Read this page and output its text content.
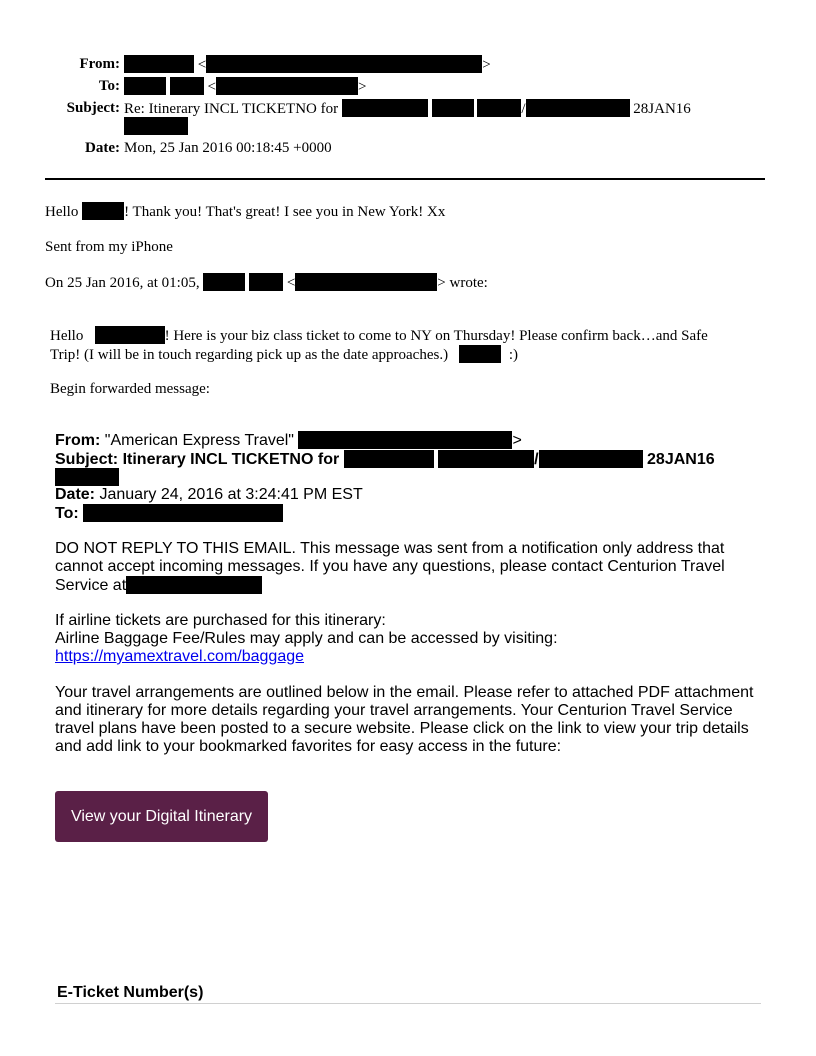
From:	<	>
To:	<	>
Subject: Re: Itinerary INCL TICKETNO for	/	28JAN16
Date: Mon, 25 Jan 2016 00:18:45 +0000
Hello	! Thank you! That's great! I see you in New York! Xx
Sent from my iPhone
On 25 Jan 2016, at 01:05,	<	> wrote:
Hello	! Here is your biz class ticket to come to NY on Thursday! Please confirm back…and Safe
Trip! (I will be in touch regarding pick up as the date approaches.)	:)
Begin forwarded message:
From: "American Express Travel"	>
Subject: Itinerary INCL TICKETNO for	/	28JAN16
Date: January 24, 2016 at 3:24:41 PM EST
To:
DO NOT REPLY TO THIS EMAIL. This message was sent from a notification only address that
cannot accept incoming messages. If you have any questions, please contact Centurion Travel
Service at
If airline tickets are purchased for this itinerary:
Airline Baggage Fee/Rules may apply and can be accessed by visiting:
https://myamextravel.com/baggage
Your travel arrangements are outlined below in the email. Please refer to attached PDF attachment
and itinerary for more details regarding your travel arrangements. Your Centurion Travel Service
travel plans have been posted to a secure website. Please click on the link to view your trip details
and add link to your bookmarked favorites for easy access in the future:
View your Digital Itinerary
E-Ticket Number(s)
